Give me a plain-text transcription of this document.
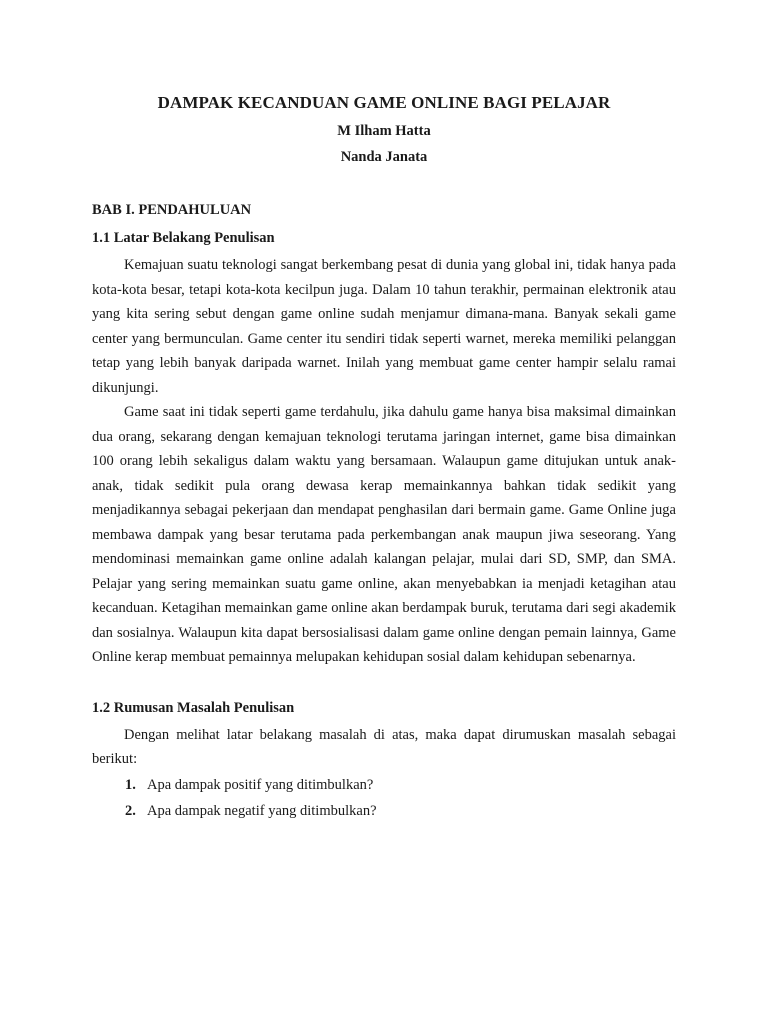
DAMPAK KECANDUAN GAME ONLINE BAGI PELAJAR
M Ilham Hatta
Nanda Janata
BAB I. PENDAHULUAN
1.1 Latar Belakang Penulisan

Kemajuan suatu teknologi sangat berkembang pesat di dunia yang global ini, tidak hanya pada kota-kota besar, tetapi kota-kota kecilpun juga. Dalam 10 tahun terakhir, permainan elektronik atau yang kita sering sebut dengan game online sudah menjamur dimana-mana. Banyak sekali game center yang bermunculan. Game center itu sendiri tidak seperti warnet, mereka memiliki pelanggan tetap yang lebih banyak daripada warnet. Inilah yang membuat game center hampir selalu ramai dikunjungi.

Game saat ini tidak seperti game terdahulu, jika dahulu game hanya bisa maksimal dimainkan dua orang, sekarang dengan kemajuan teknologi terutama jaringan internet, game bisa dimainkan 100 orang lebih sekaligus dalam waktu yang bersamaan. Walaupun game ditujukan untuk anak-anak, tidak sedikit pula orang dewasa kerap memainkannya bahkan tidak sedikit yang menjadikannya sebagai pekerjaan dan mendapat penghasilan dari bermain game. Game Online juga membawa dampak yang besar terutama pada perkembangan anak maupun jiwa seseorang. Yang mendominasi memainkan game online adalah kalangan pelajar, mulai dari SD, SMP, dan SMA. Pelajar yang sering memainkan suatu game online, akan menyebabkan ia menjadi ketagihan atau kecanduan. Ketagihan memainkan game online akan berdampak buruk, terutama dari segi akademik dan sosialnya. Walaupun kita dapat bersosialisasi dalam game online dengan pemain lainnya, Game Online kerap membuat pemainnya melupakan kehidupan sosial dalam kehidupan sebenarnya.

1.2 Rumusan Masalah Penulisan

Dengan melihat latar belakang masalah di atas, maka dapat dirumuskan masalah sebagai berikut:

1. Apa dampak positif yang ditimbulkan?
2. Apa dampak negatif yang ditimbulkan?
